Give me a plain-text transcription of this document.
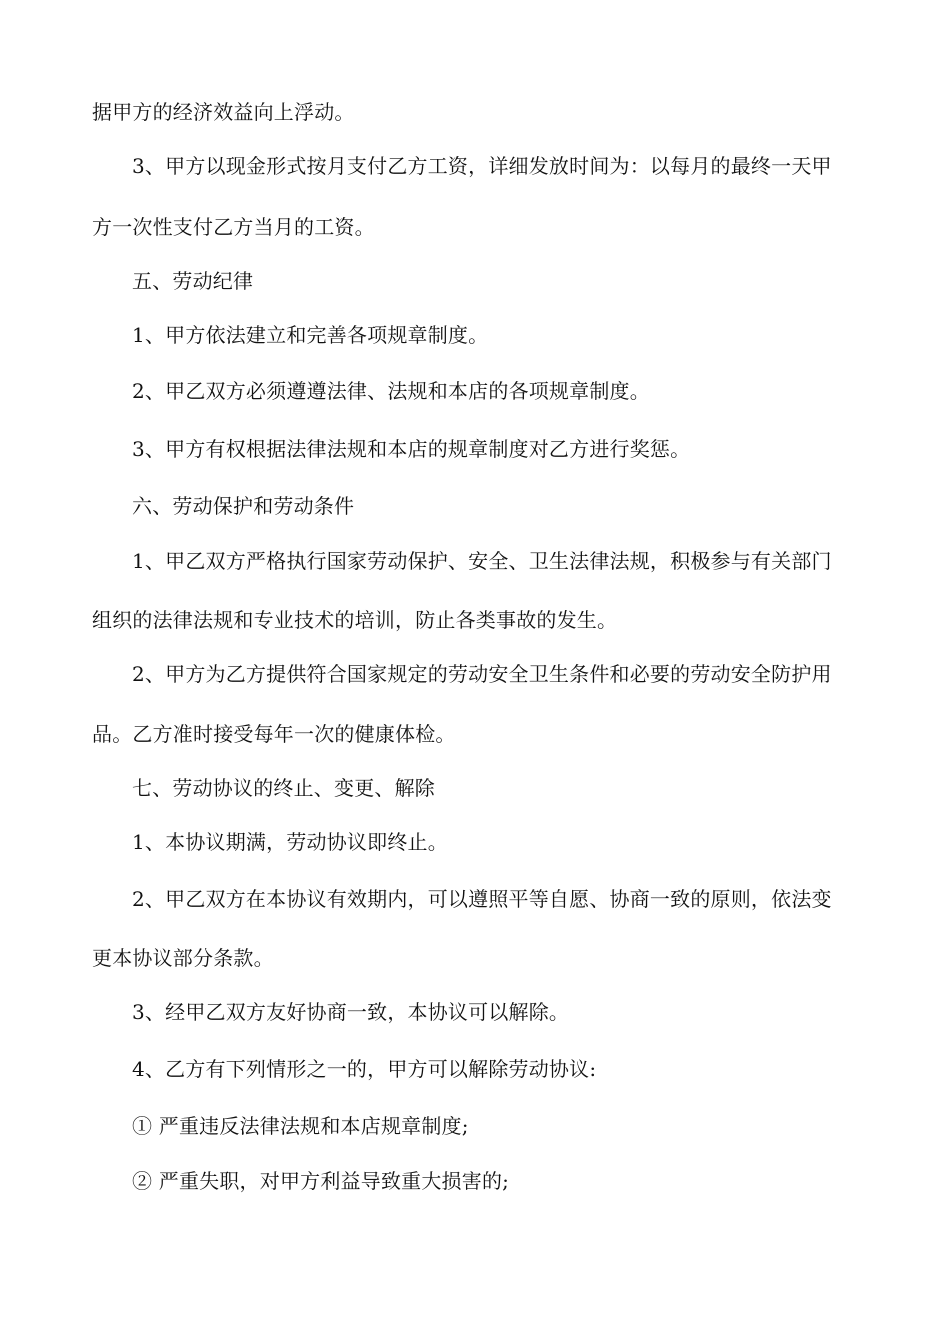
据甲方的经济效益向上浮动。
3、甲方以现金形式按月支付乙方工资，详细发放时间为：以每月的最终一天甲
方一次性支付乙方当月的工资。
五、劳动纪律
1、甲方依法建立和完善各项规章制度。
2、甲乙双方必须遵遵法律、法规和本店的各项规章制度。
3、甲方有权根据法律法规和本店的规章制度对乙方进行奖惩。
六、劳动保护和劳动条件
1、甲乙双方严格执行国家劳动保护、安全、卫生法律法规，积极参与有关部门
组织的法律法规和专业技术的培训，防止各类事故的发生。
2、甲方为乙方提供符合国家规定的劳动安全卫生条件和必要的劳动安全防护用
品。乙方准时接受每年一次的健康体检。
七、劳动协议的终止、变更、解除
1、本协议期满，劳动协议即终止。
2、甲乙双方在本协议有效期内，可以遵照平等自愿、协商一致的原则，依法变
更本协议部分条款。
3、经甲乙双方友好协商一致，本协议可以解除。
4、乙方有下列情形之一的，甲方可以解除劳动协议:
① 严重违反法律法规和本店规章制度;
② 严重失职，对甲方利益导致重大损害的;
